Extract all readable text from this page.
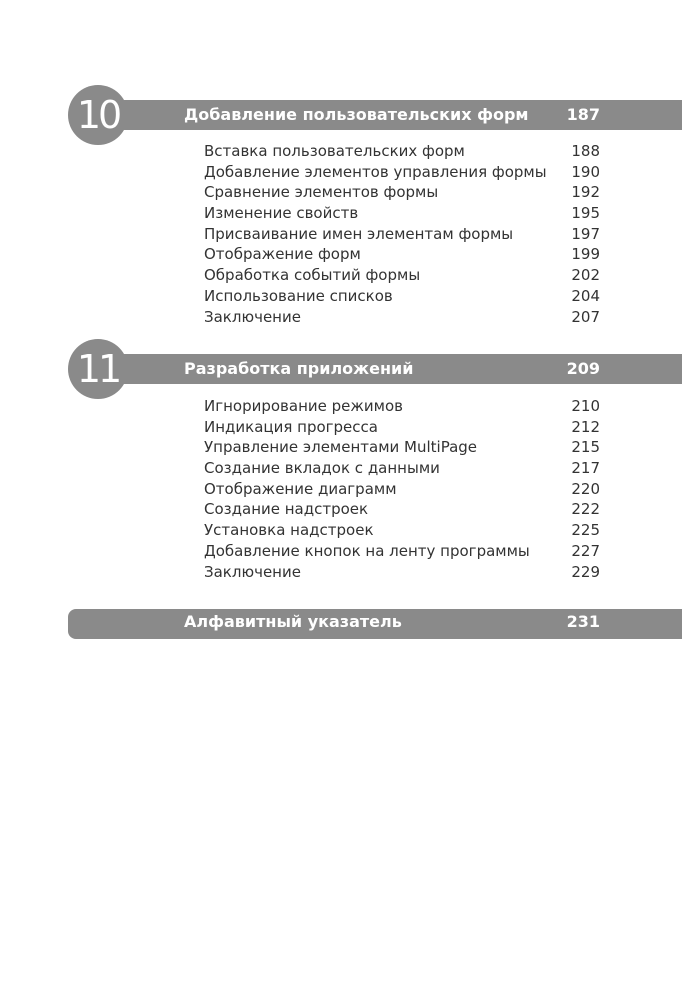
10	Добавление пользовательских форм 187
Вставка пользовательских форм	188
Добавление элементов управления формы 190
Сравнение элементов формы	192
Изменение свойств	195
Присваивание имен элементам формы	197
Отображение форм	199
Обработка событий формы	202
Использование списков	204
Заключение	207
11	Разработка приложений	209
Игнорирование режимов	210
Индикация прогресса	212
Управление элементами MultiPage	215
Создание вкладок с данными	217
Отображение диаграмм	220
Создание надстроек	222
Установка надстроек	225
Добавление кнопок на ленту программы	227
Заключение	229
Алфавитный указатель	231
